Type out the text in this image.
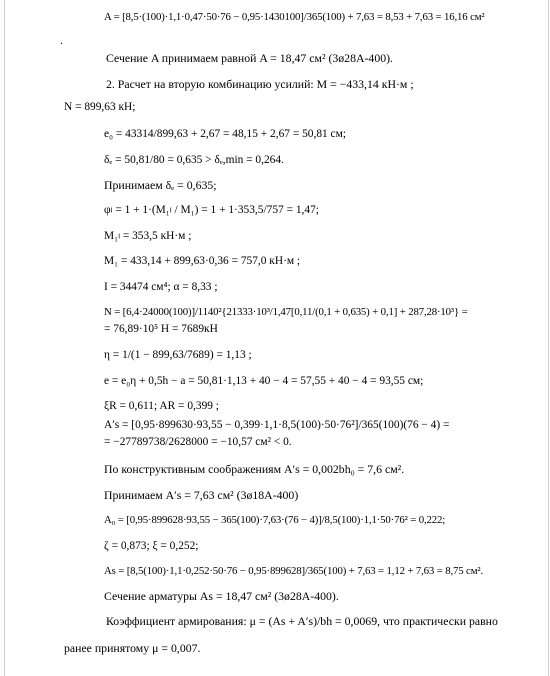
.
A = [8,5·(100)·1,1·0,47·50·76 − 0,95·1430100]/365(100) + 7,63 = 8,53 + 7,63 = 16,16 см²
Сечение A принимаем равной A = 18,47 см² (3ø28А-400).
2. Расчет на вторую комбинацию усилий: M = −433,14 кН·м ;
N = 899,63 кН;
e₀ = 43314/899,63 + 2,67 = 48,15 + 2,67 = 50,81 см;
δₑ = 50,81/80 = 0,635 > δₑ,min = 0,264.
Принимаем δₑ = 0,635;
φₗ = 1 + 1·(M₁ₗ / M₁) = 1 + 1·353,5/757 = 1,47;
M₁ₗ = 353,5 кН·м ;
M₁ = 433,14 + 899,63·0,36 = 757,0 кН·м ;
I = 34474 см⁴; α = 8,33 ;
N = [6,4·24000(100)]/1140²{21333·10³/1,47[0,11/(0,1 + 0,635) + 0,1] + 287,28·10³} =
= 76,89·10⁵ H = 7689кН
η = 1/(1 − 899,63/7689) = 1,13 ;
e = e₀η + 0,5h − a = 50,81·1,13 + 40 − 4 = 57,55 + 40 − 4 = 93,55 см;
ξR = 0,611; AR = 0,399 ;
A′s = [0,95·899630·93,55 − 0,399·1,1·8,5(100)·50·76²]/365(100)(76 − 4) =
= −27789738/2628000 = −10,57 см² < 0.
По конструктивным соображениям A′s = 0,002bh₀ = 7,6 см².
Принимаем A′s = 7,63 см² (3ø18А-400)
A₀ = [0,95·899628·93,55 − 365(100)·7,63·(76 − 4)]/8,5(100)·1,1·50·76² = 0,222;
ζ = 0,873; ξ = 0,252;
As = [8,5(100)·1,1·0,252·50·76 − 0,95·899628]/365(100) + 7,63 = 1,12 + 7,63 = 8,75 см².
Сечение арматуры As = 18,47 см² (3ø28А-400).
Коэффициент армирования: μ = (As + A′s)/bh = 0,0069, что практически равно
ранее принятому μ = 0,007.
